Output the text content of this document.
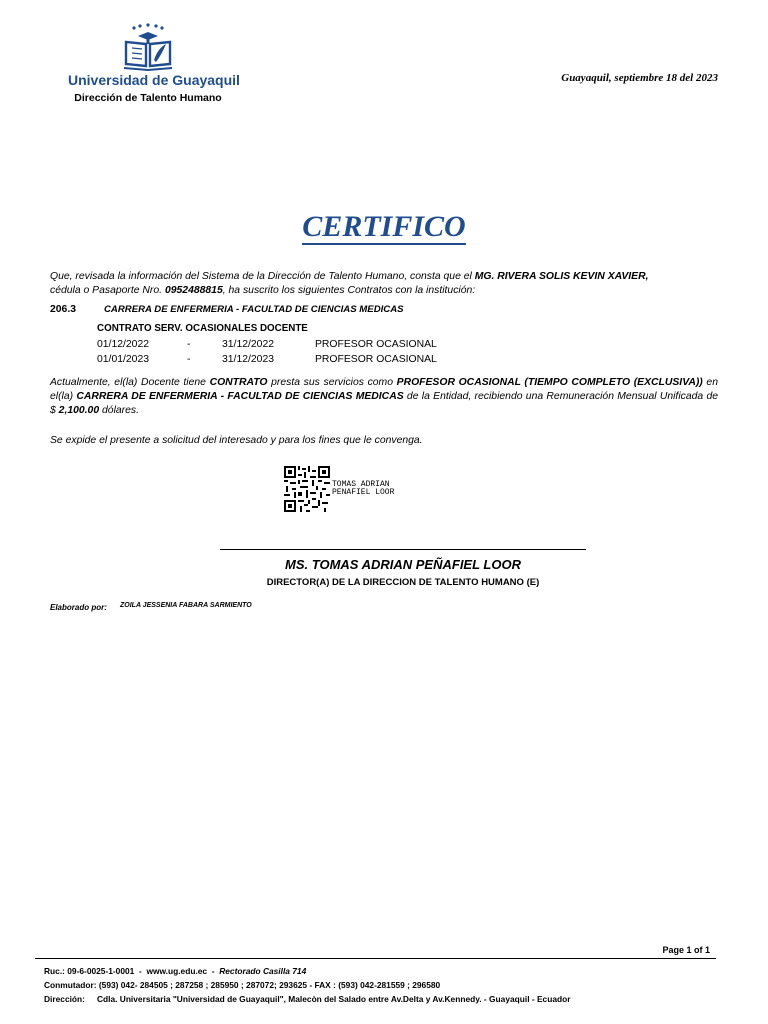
Universidad de Guayaquil
Dirección de Talento Humano
Guayaquil, septiembre 18 del 2023
CERTIFICO
Que, revisada la información del Sistema de la Dirección de Talento Humano, consta que el MG. RIVERA SOLIS KEVIN XAVIER,
cédula o Pasaporte Nro. 0952488815, ha suscrito los siguientes Contratos con la institución:
206.3	CARRERA DE ENFERMERIA - FACULTAD DE CIENCIAS MEDICAS
CONTRATO SERV. OCASIONALES DOCENTE
01/12/2022	-	31/12/2022	PROFESOR OCASIONAL
01/01/2023	-	31/12/2023	PROFESOR OCASIONAL
Actualmente, el(la) Docente tiene CONTRATO presta sus servicios como PROFESOR OCASIONAL (TIEMPO COMPLETO (EXCLUSIVA)) en el(la) CARRERA DE ENFERMERIA - FACULTAD DE CIENCIAS MEDICAS de la Entidad, recibiendo una Remuneración Mensual Unificada de $ 2,100.00 dólares.
Se expide el presente a solicitud del interesado y para los fines que le convenga.
TOMAS ADRIAN
PENAFIEL LOOR
MS. TOMAS ADRIAN PEÑAFIEL LOOR
DIRECTOR(A) DE LA DIRECCION DE TALENTO HUMANO (E)
Elaborado por: ZOILA JESSENIA FABARA SARMIENTO
Page 1 of 1
Ruc.: 09-6-0025-1-0001  -  www.ug.edu.ec  -  Rectorado Casilla 714
Conmutador: (593) 042- 284505 ; 287258 ; 285950 ; 287072; 293625 - FAX : (593) 042-281559 ; 296580
Dirección: Cdla. Universitaria "Universidad de Guayaquil", Malecòn del Salado entre Av.Delta y Av.Kennedy. - Guayaquil - Ecuador
